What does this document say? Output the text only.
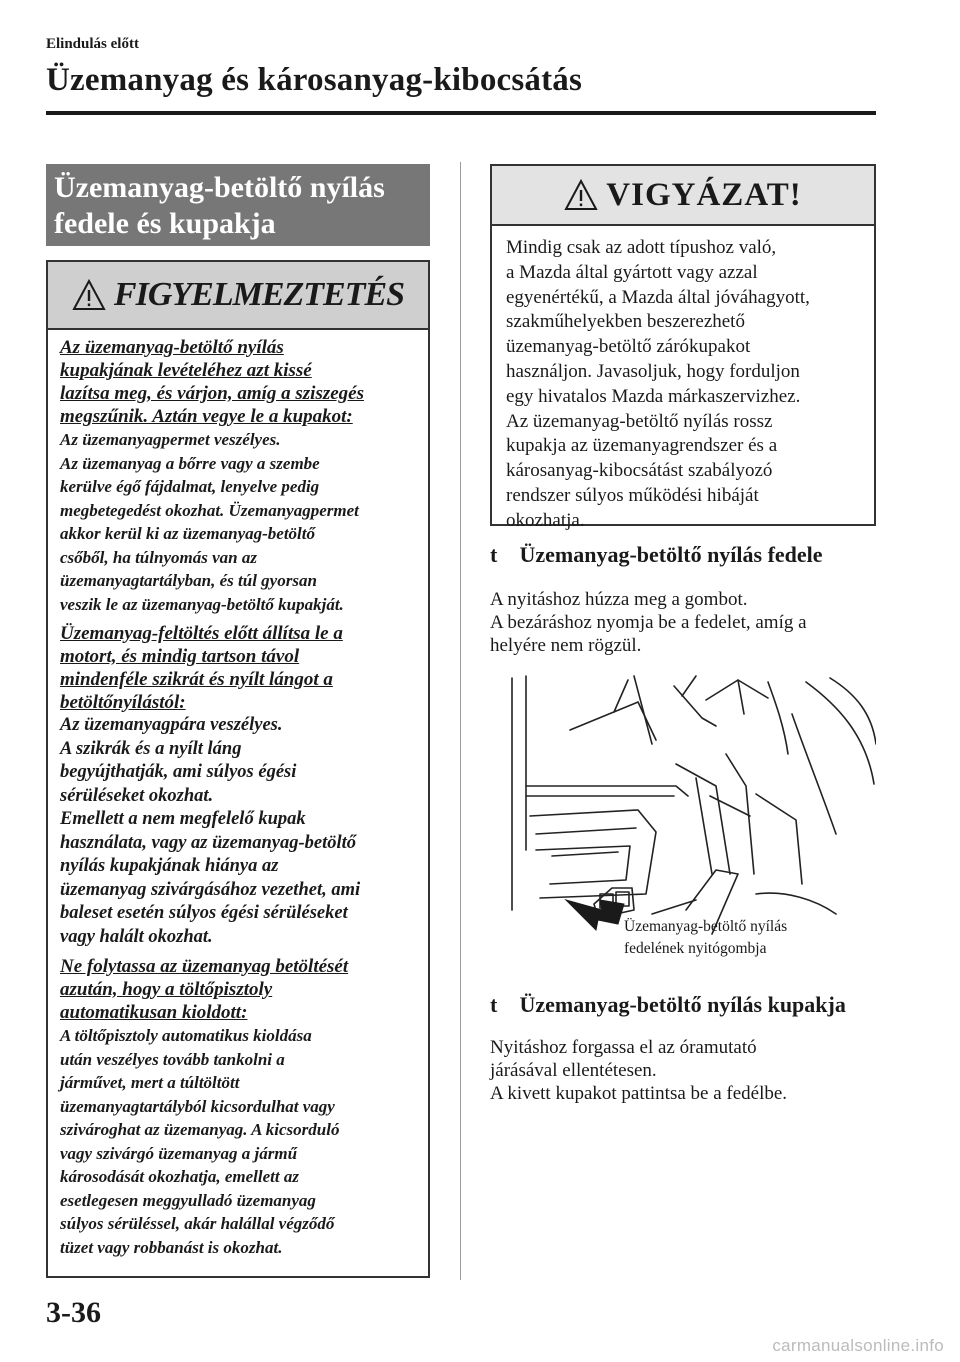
Elindulás előtt
Üzemanyag és károsanyag-kibocsátás
Üzemanyag-betöltő nyílás
fedele és kupakja
FIGYELMEZTETÉS

Az üzemanyag-betöltő nyílás

kupakjának levételéhez azt kissé

lazítsa meg, és várjon, amíg a sziszegés

megszűnik. Aztán vegye le a kupakot:

Az üzemanyagpermet veszélyes.
Az üzemanyag a bőrre vagy a szembe
kerülve égő fájdalmat, lenyelve pedig
megbetegedést okozhat. Üzemanyagpermet
akkor kerül ki az üzemanyag-betöltő
csőből, ha túlnyomás van az
üzemanyagtartályban, és túl gyorsan
veszik le az üzemanyag-betöltő kupakját.

Üzemanyag-feltöltés előtt állítsa le a

motort, és mindig tartson távol

mindenféle szikrát és nyílt lángot a

betöltőnyílástól:

Az üzemanyagpára veszélyes.
A szikrák és a nyílt láng
begyújthatják, ami súlyos égési
sérüléseket okozhat.
Emellett a nem megfelelő kupak
használata, vagy az üzemanyag-betöltő
nyílás kupakjának hiánya az
üzemanyag szivárgásához vezethet, ami
baleset esetén súlyos égési sérüléseket
vagy halált okozhat.

Ne folytassa az üzemanyag betöltését

azután, hogy a töltőpisztoly

automatikusan kioldott:

A töltőpisztoly automatikus kioldása
után veszélyes tovább tankolni a
járművet, mert a túltöltött
üzemanyagtartályból kicsordulhat vagy
szivároghat az üzemanyag. A kicsorduló
vagy szivárgó üzemanyag a jármű
károsodását okozhatja, emellett az
esetlegesen meggyulladó üzemanyag
súlyos sérüléssel, akár halállal végződő
tüzet vagy robbanást is okozhat.
VIGYÁZAT!
Mindig csak az adott típushoz való,
a Mazda által gyártott vagy azzal
egyenértékű, a Mazda által jóváhagyott,
szakműhelyekben beszerezhető
üzemanyag-betöltő zárókupakot
használjon. Javasoljuk, hogy forduljon
egy hivatalos Mazda márkaszervizhez.
Az üzemanyag-betöltő nyílás rossz
kupakja az üzemanyagrendszer és a
károsanyag-kibocsátást szabályozó
rendszer súlyos működési hibáját
okozhatja.
t Üzemanyag-betöltő nyílás fedele
A nyitáshoz húzza meg a gombot.
A bezáráshoz nyomja be a fedelet, amíg a
helyére nem rögzül.
Üzemanyag-betöltő nyílás
fedelének nyitógombja
t Üzemanyag-betöltő nyílás kupakja
Nyitáshoz forgassa el az óramutató
járásával ellentétesen.
A kivett kupakot pattintsa be a fedélbe.
3-36
carmanualsonline.info
